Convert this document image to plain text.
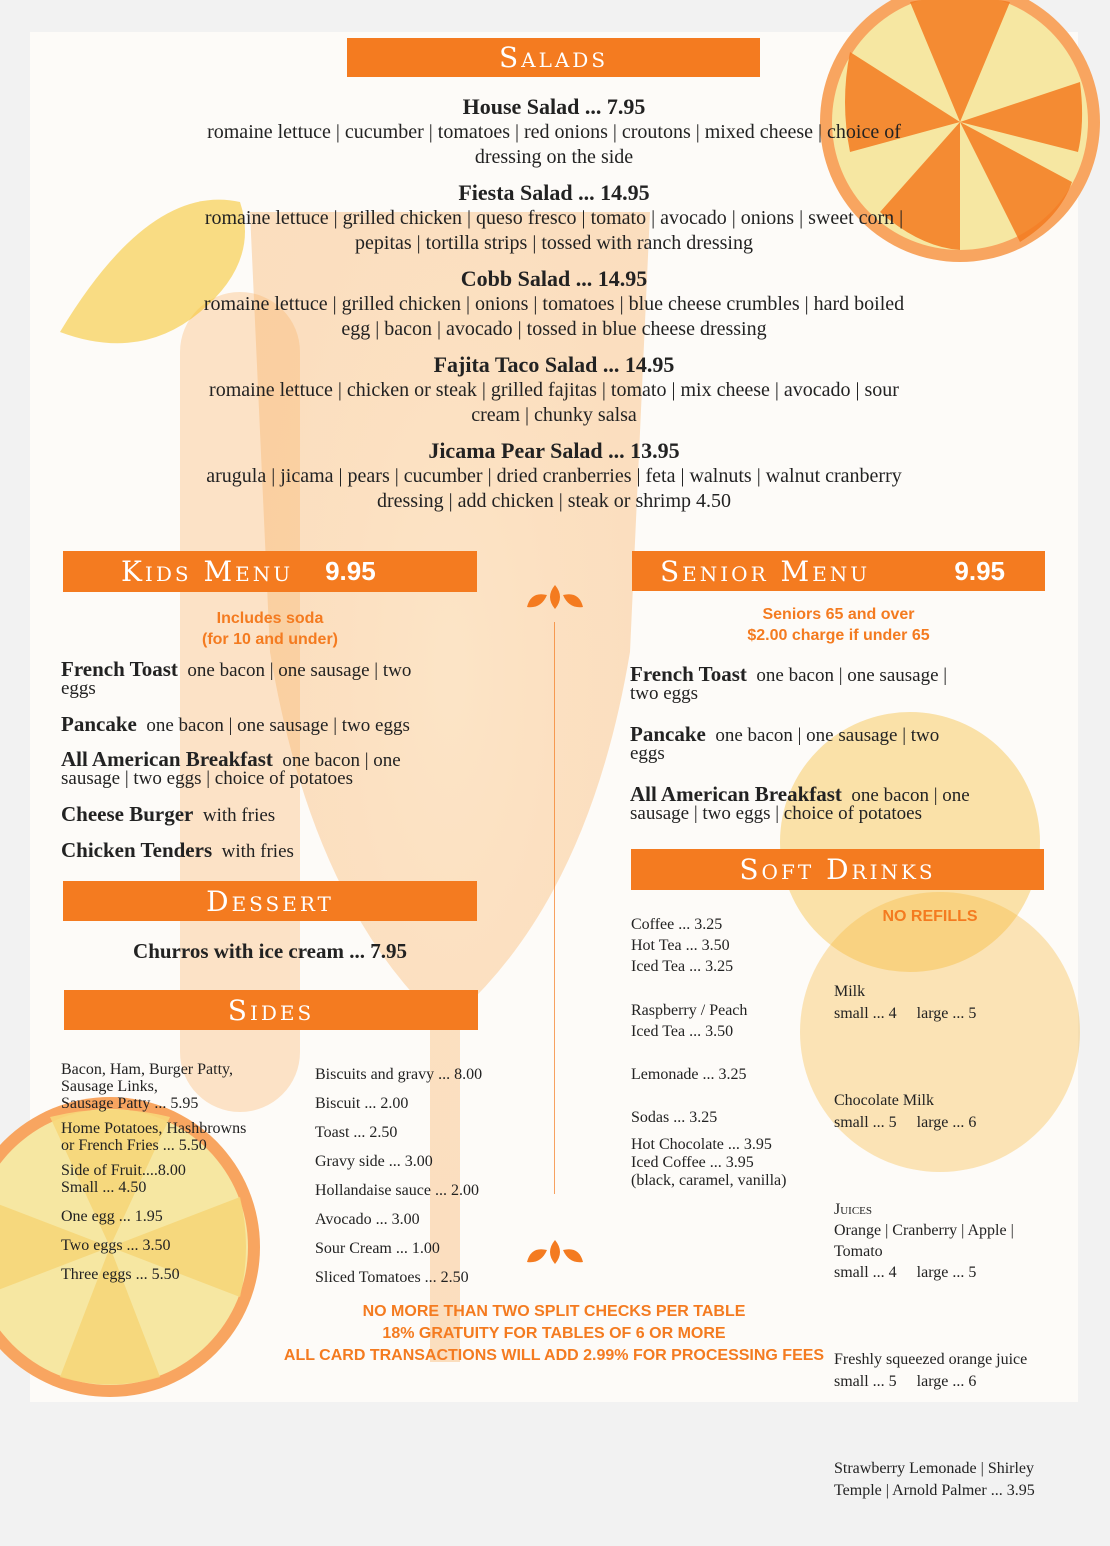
Salads
House Salad ... 7.95
romaine lettuce | cucumber | tomatoes | red onions | croutons | mixed cheese | choice of
dressing on the side
Fiesta Salad ... 14.95
romaine lettuce | grilled chicken | queso fresco | tomato | avocado | onions | sweet corn |
pepitas | tortilla strips | tossed with ranch dressing
Cobb Salad ... 14.95
romaine lettuce | grilled chicken | onions | tomatoes | blue cheese crumbles | hard boiled
egg | bacon | avocado | tossed in blue cheese dressing
Fajita Taco Salad ... 14.95
romaine lettuce | chicken or steak | grilled fajitas | tomato | mix cheese | avocado | sour
cream | chunky salsa
Jicama Pear Salad ... 13.95
arugula | jicama | pears | cucumber | dried cranberries | feta | walnuts | walnut cranberry
dressing | add chicken | steak or shrimp 4.50
Kids Menu 9.95
Includes soda
(for 10 and under)
French Toast one bacon | one sausage | two
eggs
Pancake one bacon | one sausage | two eggs
All American Breakfast one bacon | one
sausage | two eggs | choice of potatoes
Cheese Burger with fries
Chicken Tenders with fries
Dessert
Churros with ice cream ... 7.95
Sides
Bacon, Ham, Burger Patty,
Sausage Links,
Sausage Patty ... 5.95
Home Potatoes, Hashbrowns
or French Fries ... 5.50
Side of Fruit....8.00
Small ... 4.50
One egg ... 1.95
Two eggs ... 3.50
Three eggs ... 5.50
Biscuits and gravy ... 8.00
Biscuit ... 2.00
Toast ... 2.50
Gravy side ... 3.00
Hollandaise sauce ... 2.00
Avocado ... 3.00
Sour Cream ... 1.00
Sliced Tomatoes ... 2.50
Senior Menu	9.95
Seniors 65 and over
$2.00 charge if under 65
French Toast one bacon | one sausage |
two eggs
Pancake one bacon | one sausage | two
eggs
All American Breakfast one bacon | one
sausage | two eggs | choice of potatoes
Soft Drinks
NO REFILLS
Coffee ... 3.25
Hot Tea ... 3.50
Iced Tea ... 3.25
Raspberry / Peach
Iced Tea ... 3.50
Lemonade ... 3.25
Sodas ... 3.25
Hot Chocolate ... 3.95
Iced Coffee ... 3.95
(black, caramel, vanilla)

Milk
small ... 4     large ... 5

Chocolate Milk
small ... 5     large ... 6

Juices
Orange | Cranberry | Apple |
Tomato
small ... 4     large ... 5

Freshly squeezed orange juice
small ... 5     large ... 6

Strawberry Lemonade | Shirley
Temple | Arnold Palmer ... 3.95

NO MORE THAN TWO SPLIT CHECKS PER TABLE
18% GRATUITY FOR TABLES OF 6 OR MORE
ALL CARD TRANSACTIONS WILL ADD 2.99% FOR PROCESSING FEES
